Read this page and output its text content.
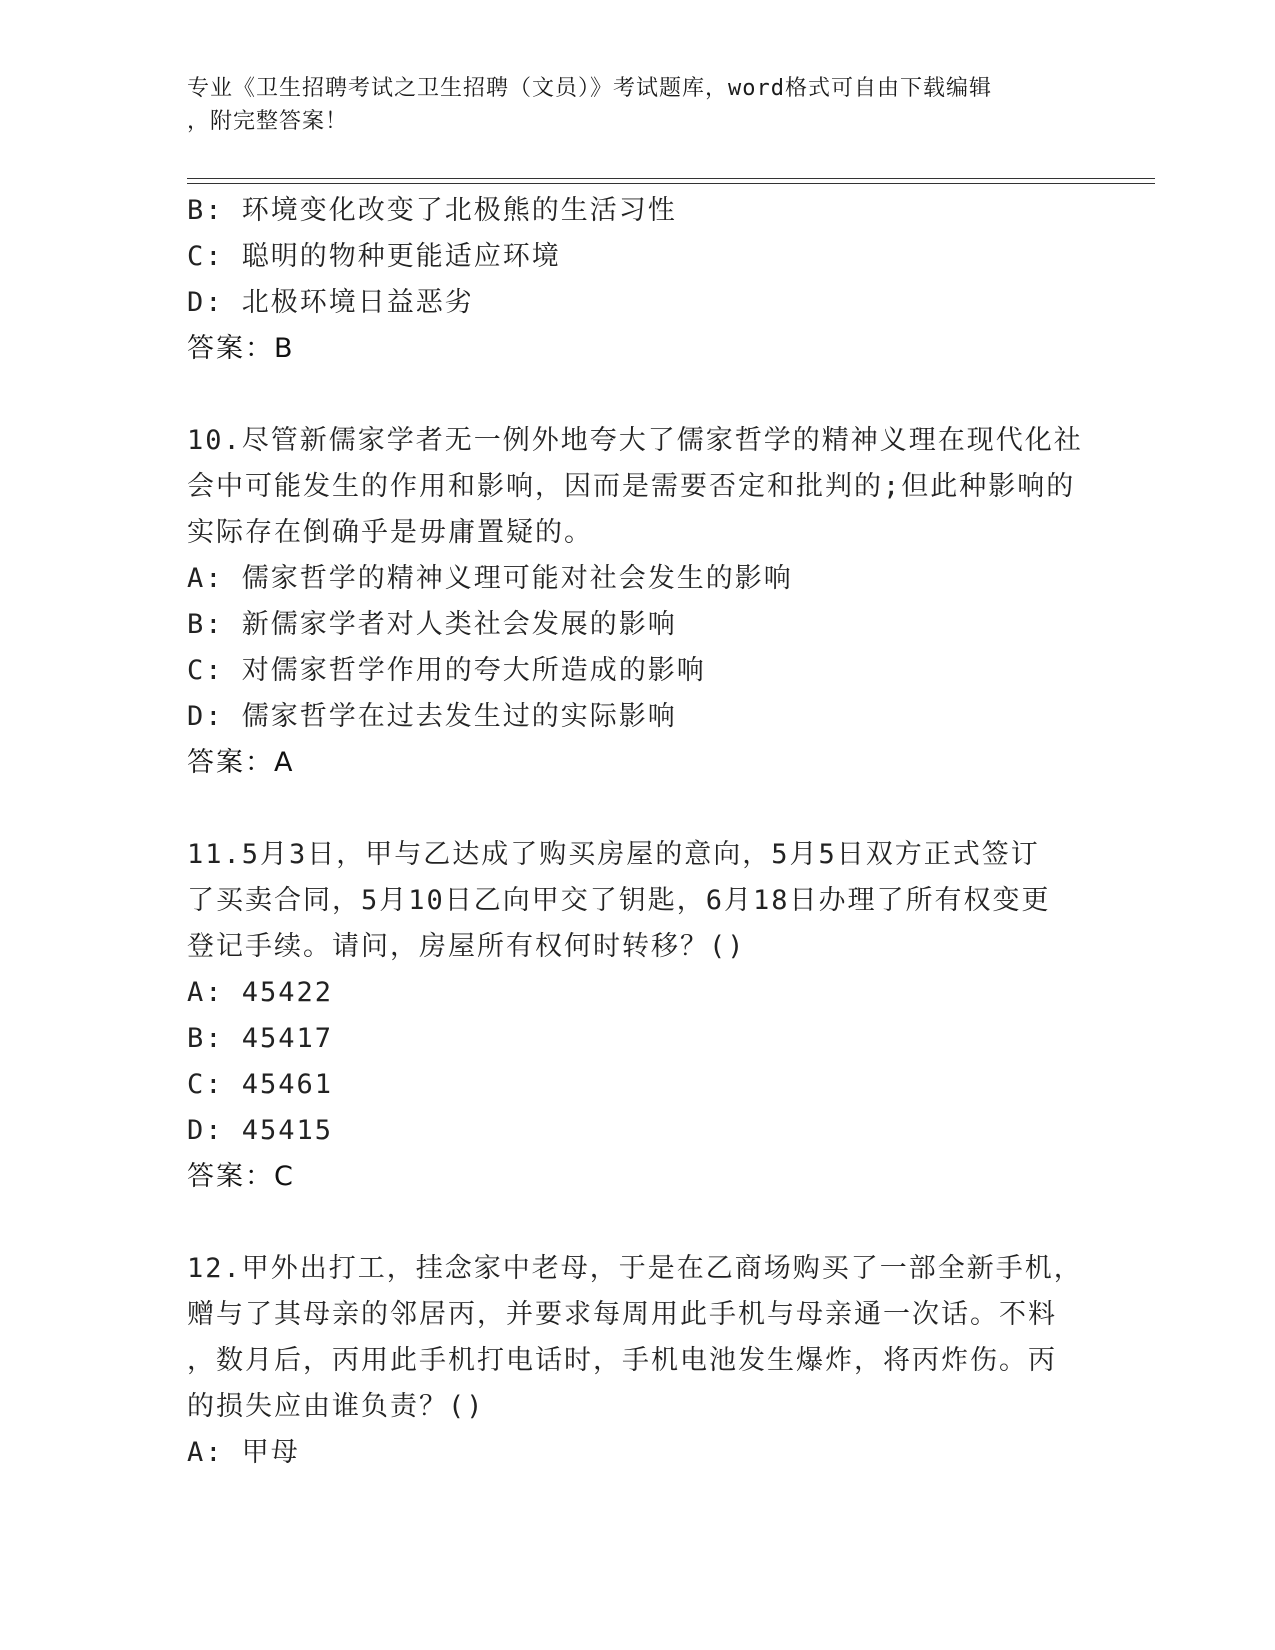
专业《卫生招聘考试之卫生招聘（文员）》考试题库，word格式可自由下载编辑
，附完整答案！
B: 环境变化改变了北极熊的生活习性
C: 聪明的物种更能适应环境
D: 北极环境日益恶劣
答案：B
10.尽管新儒家学者无一例外地夸大了儒家哲学的精神义理在现代化社
会中可能发生的作用和影响，因而是需要否定和批判的;但此种影响的
实际存在倒确乎是毋庸置疑的。
A: 儒家哲学的精神义理可能对社会发生的影响
B: 新儒家学者对人类社会发展的影响
C: 对儒家哲学作用的夸大所造成的影响
D: 儒家哲学在过去发生过的实际影响
答案：A
11.5月3日，甲与乙达成了购买房屋的意向，5月5日双方正式签订
了买卖合同，5月10日乙向甲交了钥匙，6月18日办理了所有权变更
登记手续。请问，房屋所有权何时转移？()
A: 45422
B: 45417
C: 45461
D: 45415
答案：C
12.甲外出打工，挂念家中老母，于是在乙商场购买了一部全新手机，
赠与了其母亲的邻居丙，并要求每周用此手机与母亲通一次话。不料
，数月后，丙用此手机打电话时，手机电池发生爆炸，将丙炸伤。丙
的损失应由谁负责？()
A: 甲母
